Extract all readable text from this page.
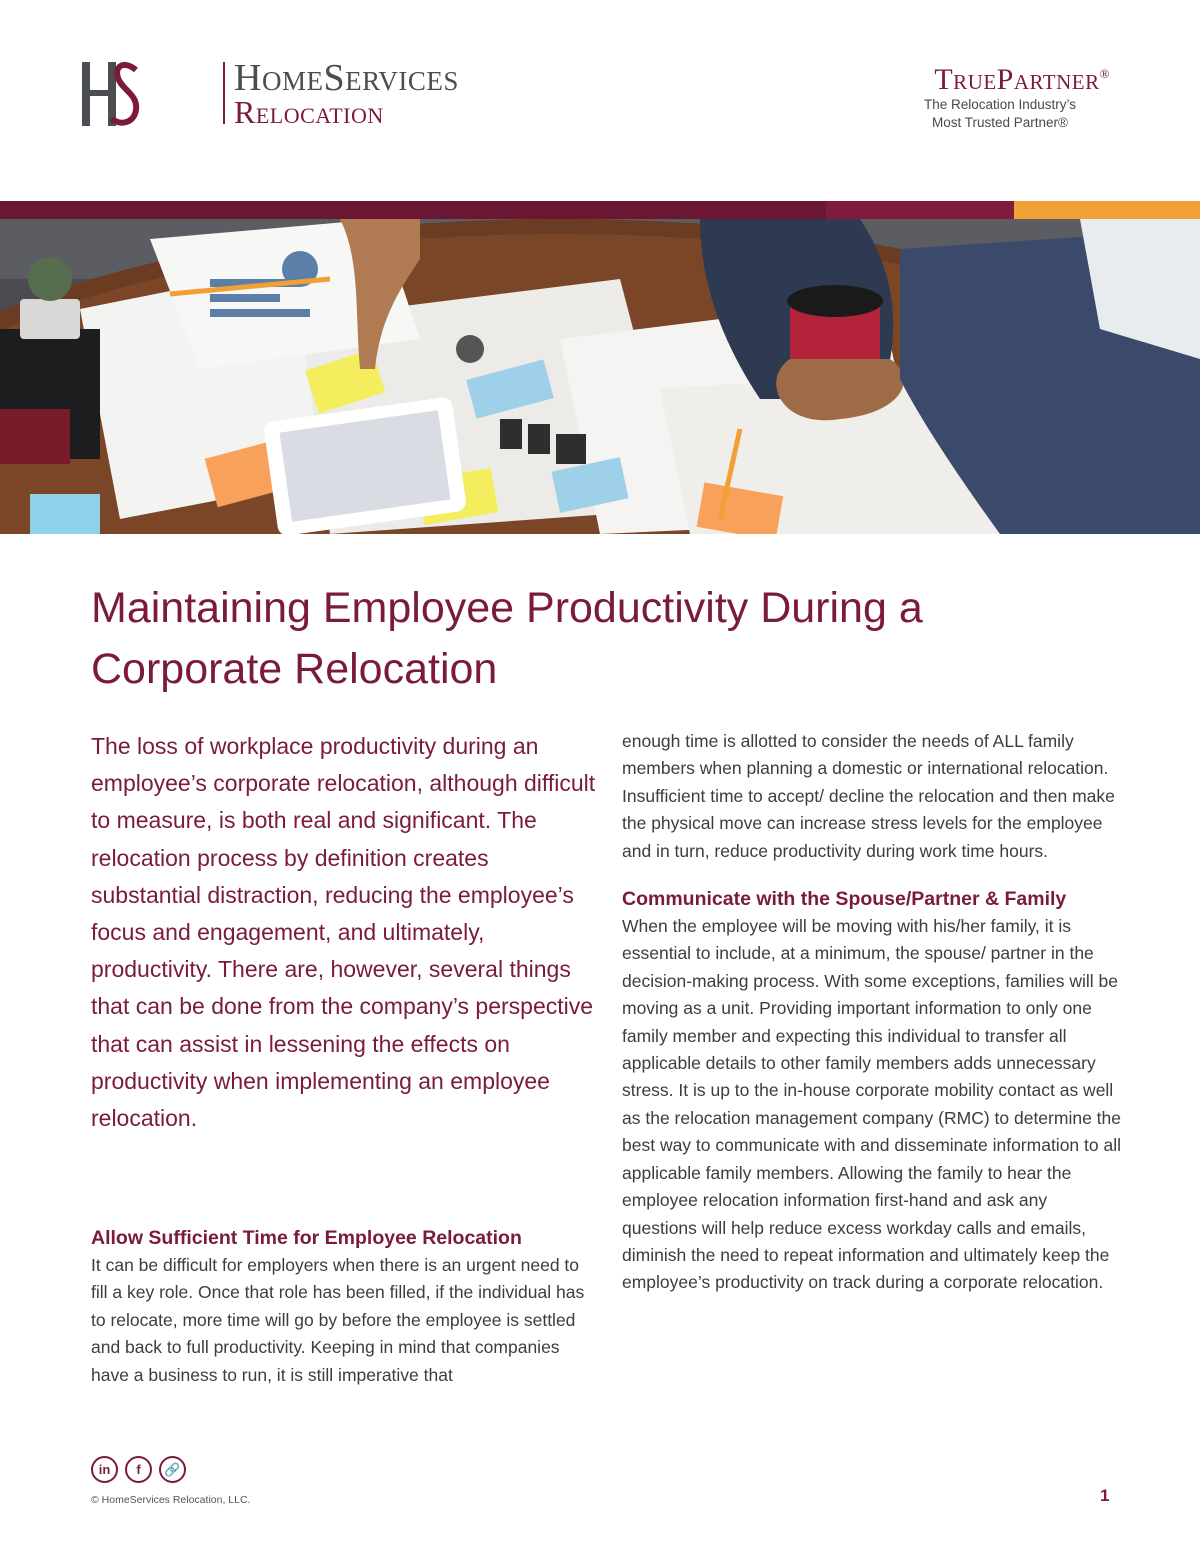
HomeServices
Relocation
TruePartner®
The Relocation Industry’s
Most Trusted Partner®
Maintaining Employee Productivity During a Corporate Relocation

The loss of workplace productivity during an employee’s corporate relocation, although difficult to measure, is both real and significant. The relocation process by definition creates substantial distraction, reducing the employee’s focus and engagement, and ultimately, productivity. There are, however, several things that can be done from the company’s perspective that can assist in lessening the effects on productivity when implementing an employee relocation.

Allow Sufficient Time for Employee Relocation

It can be difficult for employers when there is an urgent need to fill a key role. Once that role has been filled, if the individual has to relocate, more time will go by before the employee is settled and back to full productivity. Keeping in mind that companies have a business to run, it is still imperative that

enough time is allotted to consider the needs of ALL family members when planning a domestic or international relocation. Insufficient time to accept/ decline the relocation and then make the physical move can increase stress levels for the employee and in turn, reduce productivity during work time hours.

Communicate with the Spouse/Partner & Family

When the employee will be moving with his/her family, it is essential to include, at a minimum, the spouse/ partner in the decision-making process. With some exceptions, families will be moving as a unit. Providing important information to only one family member and expecting this individual to transfer all applicable details to other family members adds unnecessary stress. It is up to the in-house corporate mobility contact as well as the relocation management company (RMC) to determine the best way to communicate with and disseminate information to all applicable family members. Allowing the family to hear the employee relocation information first-hand and ask any questions will help reduce excess workday calls and emails, diminish the need to repeat information and ultimately keep the employee’s productivity on track during a corporate relocation.

in	f	🔗
© HomeServices Relocation, LLC.	1
